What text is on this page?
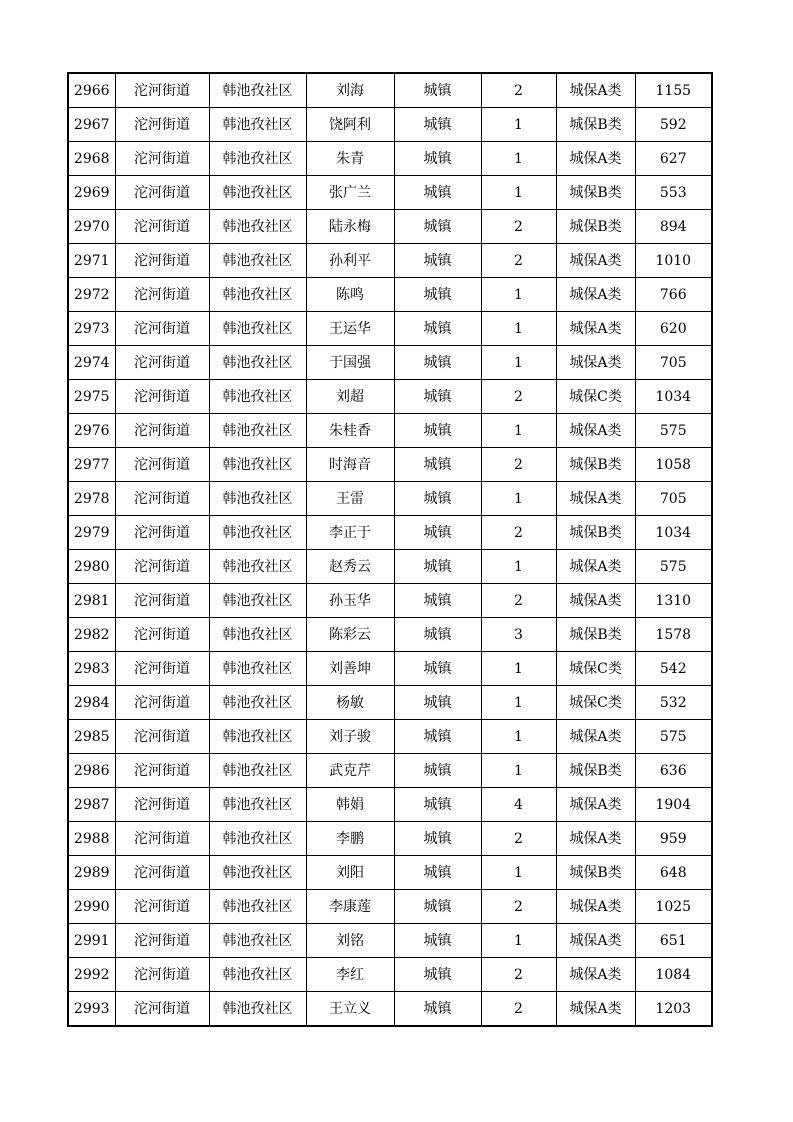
2966	沱河街道	韩池孜社区	刘海	城镇	2	城保A类	1155
2967	沱河街道	韩池孜社区	饶阿利	城镇	1	城保B类	592
2968	沱河街道	韩池孜社区	朱青	城镇	1	城保A类	627
2969	沱河街道	韩池孜社区	张广兰	城镇	1	城保B类	553
2970	沱河街道	韩池孜社区	陆永梅	城镇	2	城保B类	894
2971	沱河街道	韩池孜社区	孙利平	城镇	2	城保A类	1010
2972	沱河街道	韩池孜社区	陈鸣	城镇	1	城保A类	766
2973	沱河街道	韩池孜社区	王运华	城镇	1	城保A类	620
2974	沱河街道	韩池孜社区	于国强	城镇	1	城保A类	705
2975	沱河街道	韩池孜社区	刘超	城镇	2	城保C类	1034
2976	沱河街道	韩池孜社区	朱桂香	城镇	1	城保A类	575
2977	沱河街道	韩池孜社区	时海音	城镇	2	城保B类	1058
2978	沱河街道	韩池孜社区	王雷	城镇	1	城保A类	705
2979	沱河街道	韩池孜社区	李正于	城镇	2	城保B类	1034
2980	沱河街道	韩池孜社区	赵秀云	城镇	1	城保A类	575
2981	沱河街道	韩池孜社区	孙玉华	城镇	2	城保A类	1310
2982	沱河街道	韩池孜社区	陈彩云	城镇	3	城保B类	1578
2983	沱河街道	韩池孜社区	刘善坤	城镇	1	城保C类	542
2984	沱河街道	韩池孜社区	杨敏	城镇	1	城保C类	532
2985	沱河街道	韩池孜社区	刘子骏	城镇	1	城保A类	575
2986	沱河街道	韩池孜社区	武克芹	城镇	1	城保B类	636
2987	沱河街道	韩池孜社区	韩娟	城镇	4	城保A类	1904
2988	沱河街道	韩池孜社区	李鹏	城镇	2	城保A类	959
2989	沱河街道	韩池孜社区	刘阳	城镇	1	城保B类	648
2990	沱河街道	韩池孜社区	李康莲	城镇	2	城保A类	1025
2991	沱河街道	韩池孜社区	刘铭	城镇	1	城保A类	651
2992	沱河街道	韩池孜社区	李红	城镇	2	城保A类	1084
2993	沱河街道	韩池孜社区	王立义	城镇	2	城保A类	1203
